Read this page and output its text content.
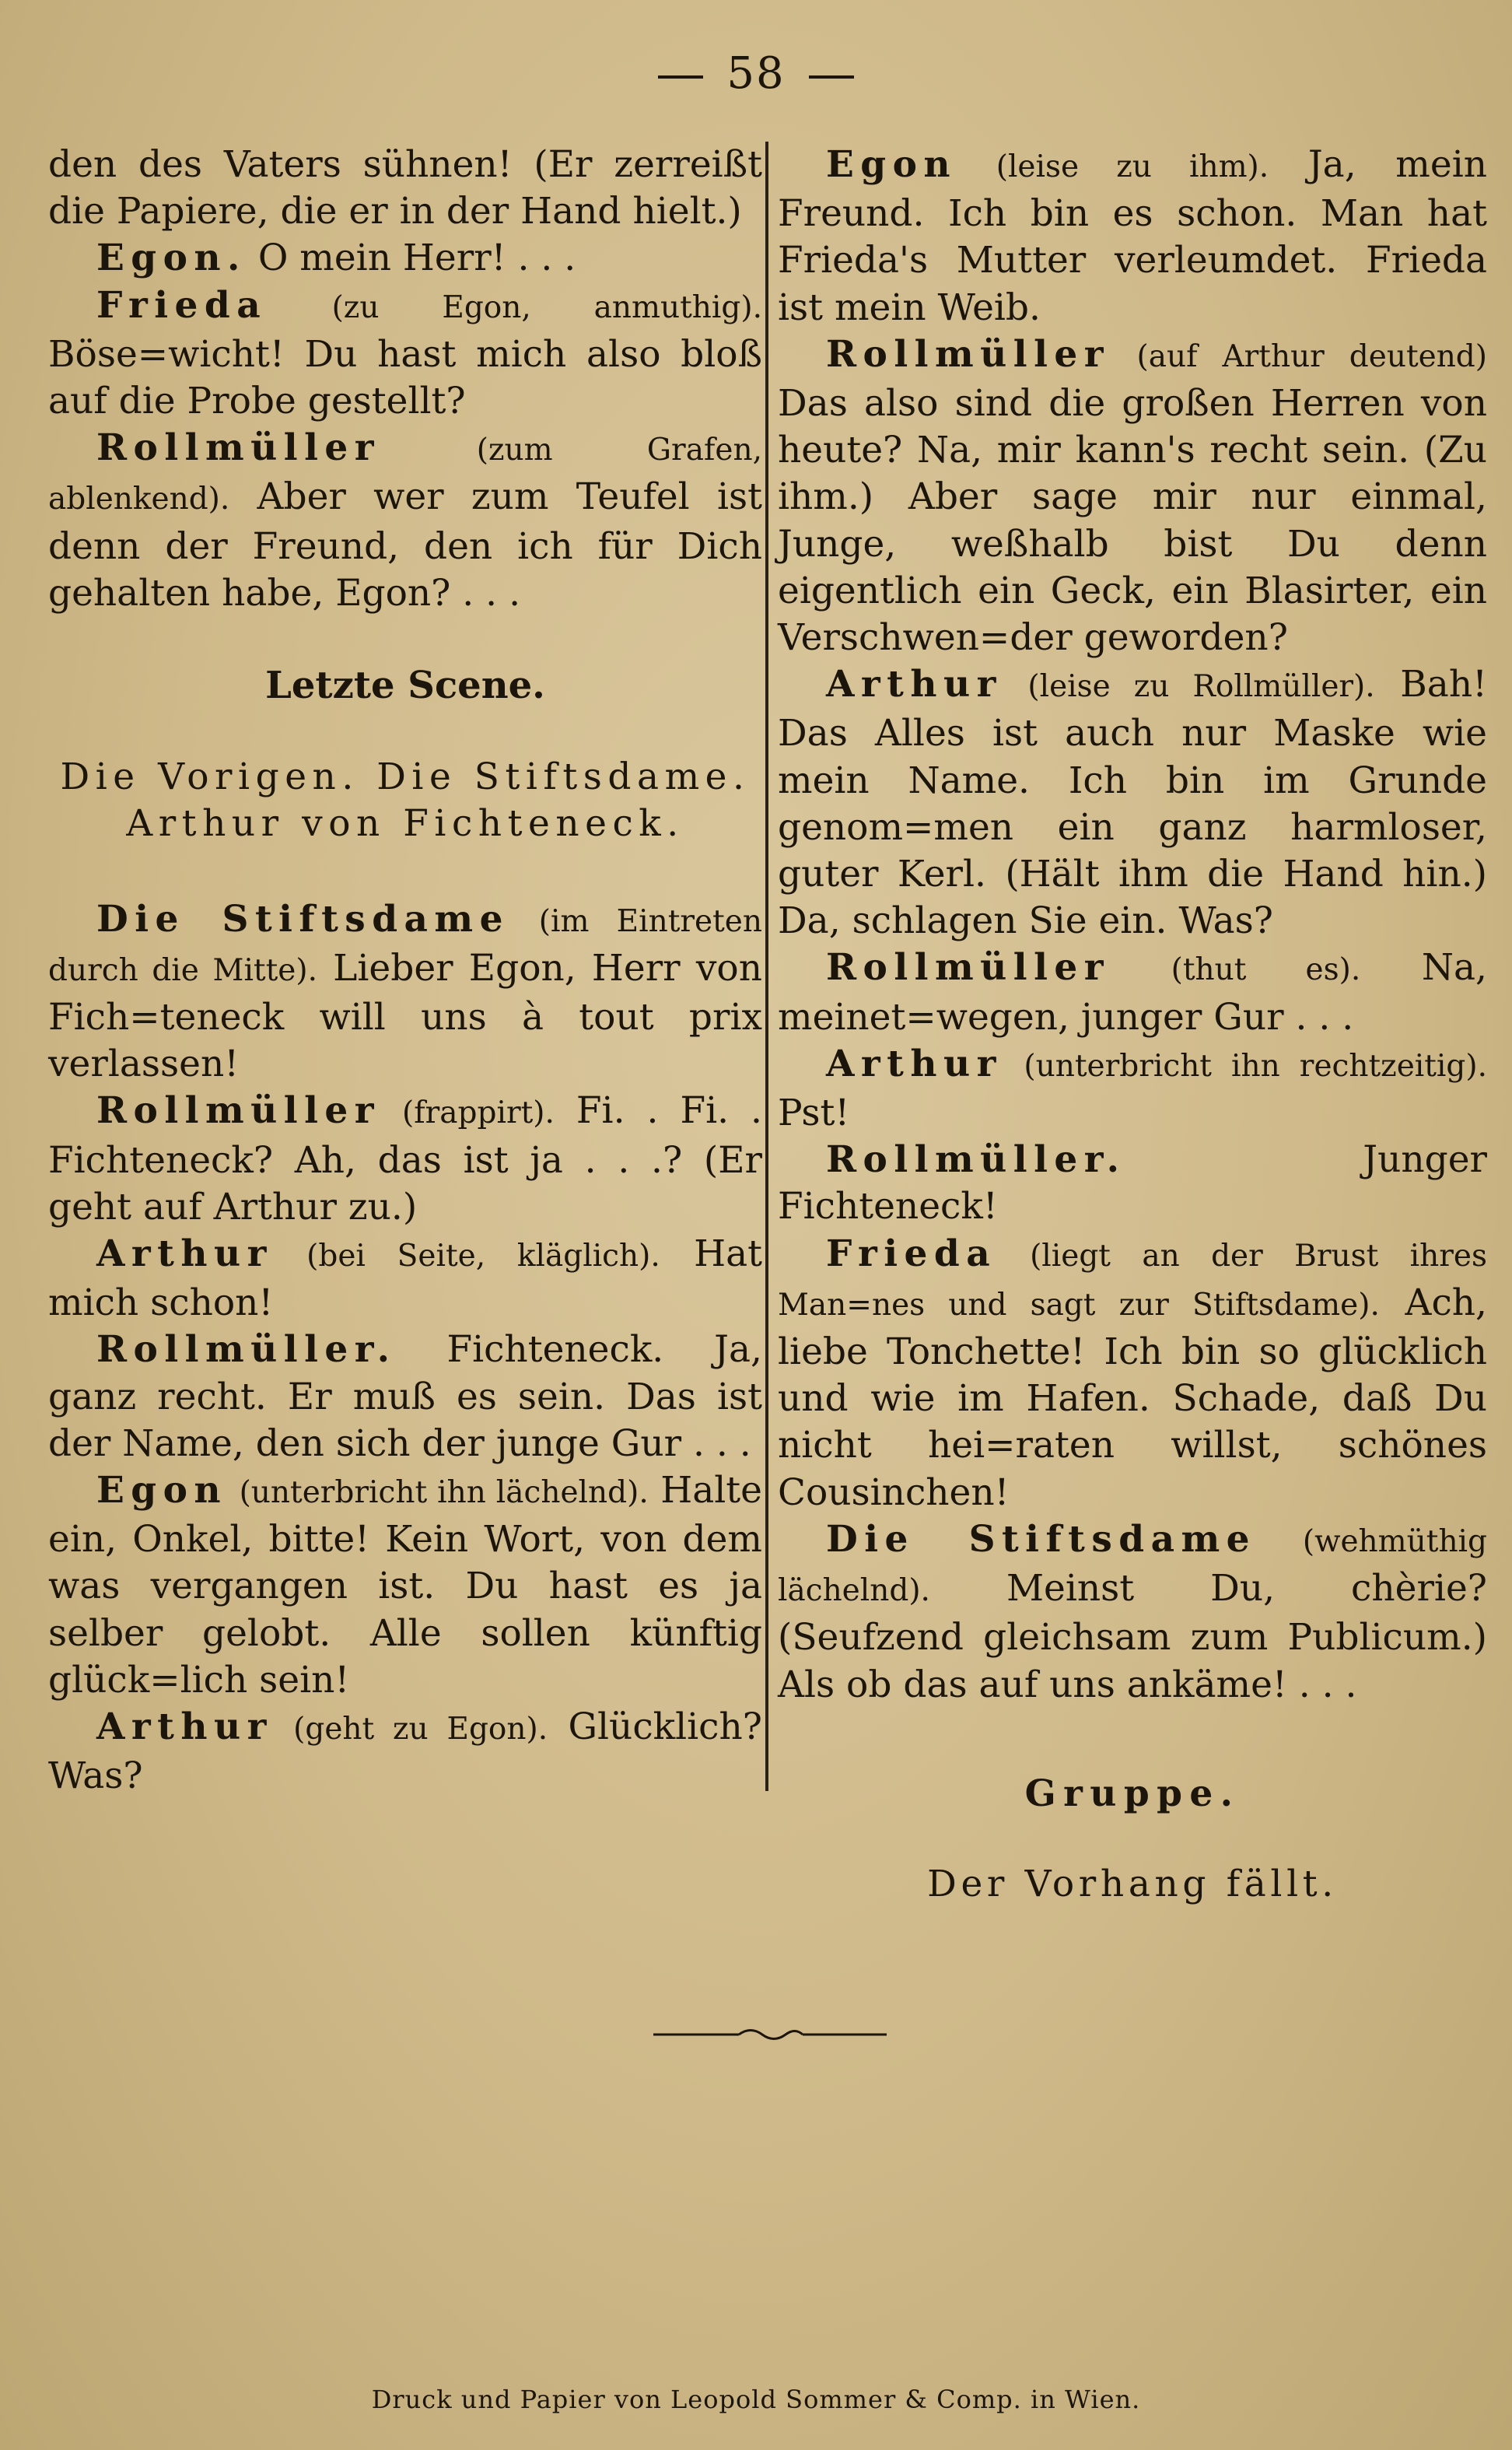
58

den des Vaters sühnen! (Er zerreißt die Papiere, die er in der Hand hielt.)

Egon. O mein Herr! . . .

Frieda (zu Egon, anmuthig). Böse=wicht! Du hast mich also bloß auf die Probe gestellt?

Rollmüller	(zum Grafen, ablenkend). Aber wer zum Teufel ist denn der Freund, den ich für Dich gehalten habe, Egon? . . .

Letzte Scene.

Die Vorigen. Die Stiftsdame.
Arthur von Fichteneck.

Die Stiftsdame (im Eintreten durch die Mitte). Lieber Egon, Herr von Fich=teneck will uns à tout prix verlassen!

Rollmüller (frappirt). Fi. . Fi. . Fichteneck? Ah, das ist ja . . .? (Er geht auf Arthur zu.)

Arthur (bei Seite, kläglich). Hat mich schon!

Rollmüller. Fichteneck. Ja, ganz recht. Er muß es sein. Das ist der Name, den sich der junge Gur . . .

Egon (unterbricht ihn lächelnd). Halte ein, Onkel, bitte! Kein Wort, von dem was vergangen ist. Du hast es ja selber gelobt. Alle sollen künftig glück=lich sein!

Arthur (geht zu Egon). Glücklich? Was?

Egon (leise zu ihm). Ja, mein Freund. Ich bin es schon. Man hat Frieda's Mutter verleumdet. Frieda ist mein Weib.

Rollmüller (auf Arthur deutend) Das also sind die großen Herren von heute? Na, mir kann's recht sein. (Zu ihm.) Aber sage mir nur einmal, Junge, weßhalb bist Du denn eigentlich ein Geck, ein Blasirter, ein Verschwen=der geworden?

Arthur (leise zu Rollmüller). Bah! Das Alles ist auch nur Maske wie mein Name. Ich bin im Grunde genom=men ein ganz harmloser, guter Kerl. (Hält ihm die Hand hin.) Da, schlagen Sie ein. Was?

Rollmüller (thut es). Na, meinet=wegen, junger Gur . . .

Arthur (unterbricht ihn rechtzeitig). Pst!

Rollmüller.	Junger Fichteneck!

Frieda (liegt an der Brust ihres Man=nes und sagt zur Stiftsdame). Ach, liebe Tonchette! Ich bin so glücklich und wie im Hafen. Schade, daß Du nicht hei=raten willst, schönes Cousinchen!

Die Stiftsdame (wehmüthig lächelnd). Meinst Du, chèrie? (Seufzend gleichsam zum Publicum.) Als ob das auf uns ankäme! . . .

Gruppe.

Der Vorhang fällt.

Druck und Papier von Leopold Sommer & Comp. in Wien.
